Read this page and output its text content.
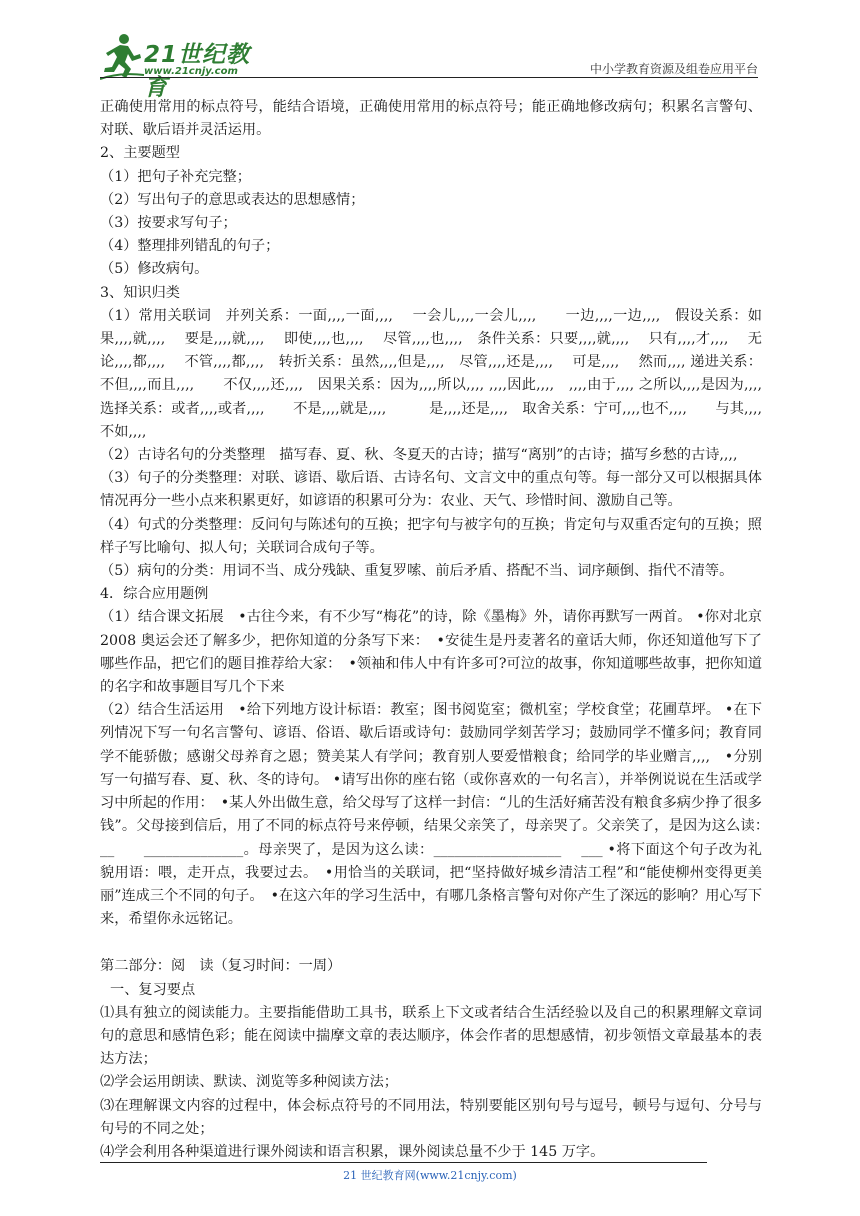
21世纪教育
www.21cnjy.com	中小学教育资源及组卷应用平台

正确使用常用的标点符号，能结合语境，正确使用常用的标点符号；能正确地修改病句；积累名言警句、对联、歇后语并灵活运用。

2、主要题型

（1）把句子补充完整；

（2）写出句子的意思或表达的思想感情；

（3）按要求写句子；

（4）整理排列错乱的句子；

（5）修改病句。

3、知识归类

（1）常用关联词　并列关系：一面,,,,一面,,,,　 一会儿,,,,一会儿,,,,　　一边,,,,一边,,,,　假设关系：如果,,,,就,,,,　 要是,,,,就,,,,　 即使,,,,也,,,,　 尽管,,,,也,,,,　条件关系：只要,,,,就,,,,　 只有,,,,才,,,,　 无论,,,,都,,,,　 不管,,,,都,,,,　转折关系：虽然,,,,但是,,,,　尽管,,,,还是,,,,　 可是,,,,　 然而,,,, 递进关系：不但,,,,而且,,,,　　不仅,,,,还,,,,　因果关系：因为,,,,所以,,,, ,,,,因此,,,,　,,,,由于,,,, 之所以,,,,是因为,,,,　选择关系：或者,,,,或者,,,,　　不是,,,,就是,,,,　　　是,,,,还是,,,,　取舍关系：宁可,,,,也不,,,,　　与其,,,,不如,,,,

（2）古诗名句的分类整理　描写春、夏、秋、冬夏天的古诗；描写“离别”的古诗；描写乡愁的古诗,,,,

（3）句子的分类整理：对联、谚语、歇后语、古诗名句、文言文中的重点句等。每一部分又可以根据具体情况再分一些小点来积累更好，如谚语的积累可分为：农业、天气、珍惜时间、激励自己等。

（4）句式的分类整理：反问句与陈述句的互换；把字句与被字句的互换；肯定句与双重否定句的互换；照样子写比喻句、拟人句；关联词合成句子等。

（5）病句的分类：用词不当、成分残缺、重复罗嗦、前后矛盾、搭配不当、词序颠倒、指代不清等。

4．综合应用题例

（1）结合课文拓展　•古往今来，有不少写“梅花”的诗，除《墨梅》外，请你再默写一两首。 •你对北京 2008 奥运会还了解多少，把你知道的分条写下来：　•安徒生是丹麦著名的童话大师，你还知道他写下了哪些作品，把它们的题目推荐给大家：　•领袖和伟人中有许多可?可泣的故事，你知道哪些故事，把你知道的名字和故事题目写几个下来

（2）结合生活运用　•给下列地方设计标语：教室；图书阅览室；微机室；学校食堂；花圃草坪。 •在下列情况下写一句名言警句、谚语、俗语、歇后语或诗句：鼓励同学刻苦学习；鼓励同学不懂多问；教育同学不能骄傲；感谢父母养育之恩；赞美某人有学问；教育别人要爱惜粮食；给同学的毕业赠言,,,,　•分别写一句描写春、夏、秋、冬的诗句。 •请写出你的座右铭（或你喜欢的一句名言），并举例说说在生活或学习中所起的作用：　•某人外出做生意，给父母写了这样一封信：“儿的生活好痛苦没有粮食多病少挣了很多钱”。父母接到信后，用了不同的标点符号来停顿，结果父亲笑了，母亲哭了。父亲笑了，是因为这么读：　__　　______________。母亲哭了，是因为这么读：__________________　 ___ •将下面这个句子改为礼貌用语：喂，走开点，我要过去。　•用恰当的关联词，把“坚持做好城乡清洁工程”和“能使柳州变得更美丽”连成三个不同的句子。　•在这六年的学习生活中，有哪几条格言警句对你产生了深远的影响？用心写下来，希望你永远铭记。

第二部分：阅　读（复习时间：一周）

一、复习要点

⑴具有独立的阅读能力。主要指能借助工具书，联系上下文或者结合生活经验以及自己的积累理解文章词句的意思和感情色彩；能在阅读中揣摩文章的表达顺序，体会作者的思想感情，初步领悟文章最基本的表达方法；

⑵学会运用朗读、默读、浏览等多种阅读方法；

⑶在理解课文内容的过程中，体会标点符号的不同用法，特别要能区别句号与逗号，顿号与逗句、分号与句号的不同之处；

⑷学会利用各种渠道进行课外阅读和语言积累，课外阅读总量不少于 145 万字。

21 世纪教育网(www.21cnjy.com)
